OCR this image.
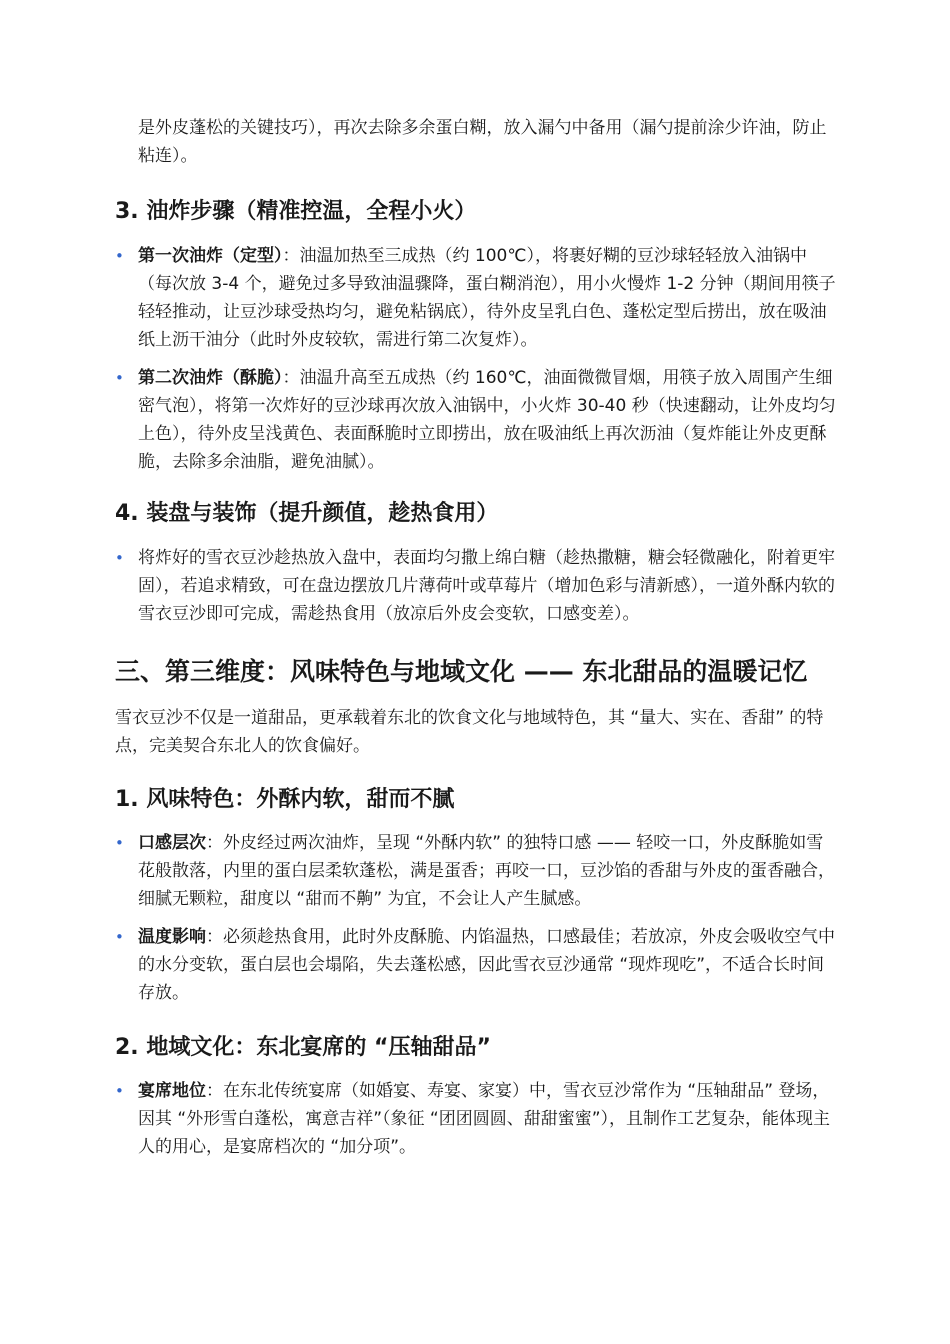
是外皮蓬松的关键技巧），再次去除多余蛋白糊，放入漏勺中备用（漏勺提前涂少许油，防止粘连）。

3. 油炸步骤（精准控温，全程小火）
• 第一次油炸（定型）：油温加热至三成热（约 100℃），将裹好糊的豆沙球轻轻放入油锅中（每次放 3-4 个，避免过多导致油温骤降，蛋白糊消泡），用小火慢炸 1-2 分钟（期间用筷子轻轻推动，让豆沙球受热均匀，避免粘锅底），待外皮呈乳白色、蓬松定型后捞出，放在吸油纸上沥干油分（此时外皮较软，需进行第二次复炸）。
• 第二次油炸（酥脆）：油温升高至五成热（约 160℃，油面微微冒烟，用筷子放入周围产生细密气泡），将第一次炸好的豆沙球再次放入油锅中，小火炸 30-40 秒（快速翻动，让外皮均匀上色），待外皮呈浅黄色、表面酥脆时立即捞出，放在吸油纸上再次沥油（复炸能让外皮更酥脆，去除多余油脂，避免油腻）。
4. 装盘与装饰（提升颜值，趁热食用）
• 将炸好的雪衣豆沙趁热放入盘中，表面均匀撒上绵白糖（趁热撒糖，糖会轻微融化，附着更牢固），若追求精致，可在盘边摆放几片薄荷叶或草莓片（增加色彩与清新感），一道外酥内软的雪衣豆沙即可完成，需趁热食用（放凉后外皮会变软，口感变差）。
三、第三维度：风味特色与地域文化 —— 东北甜品的温暖记忆

雪衣豆沙不仅是一道甜品，更承载着东北的饮食文化与地域特色，其 “量大、实在、香甜” 的特点，完美契合东北人的饮食偏好。

1. 风味特色：外酥内软，甜而不腻
• 口感层次：外皮经过两次油炸，呈现 “外酥内软” 的独特口感 —— 轻咬一口，外皮酥脆如雪花般散落，内里的蛋白层柔软蓬松，满是蛋香；再咬一口，豆沙馅的香甜与外皮的蛋香融合，细腻无颗粒，甜度以 “甜而不齁” 为宜，不会让人产生腻感。
• 温度影响：必须趁热食用，此时外皮酥脆、内馅温热，口感最佳；若放凉，外皮会吸收空气中的水分变软，蛋白层也会塌陷，失去蓬松感，因此雪衣豆沙通常 “现炸现吃”，不适合长时间存放。
2. 地域文化：东北宴席的 “压轴甜品”
• 宴席地位：在东北传统宴席（如婚宴、寿宴、家宴）中，雪衣豆沙常作为 “压轴甜品” 登场，因其 “外形雪白蓬松，寓意吉祥”（象征 “团团圆圆、甜甜蜜蜜”），且制作工艺复杂，能体现主人的用心，是宴席档次的 “加分项”。
